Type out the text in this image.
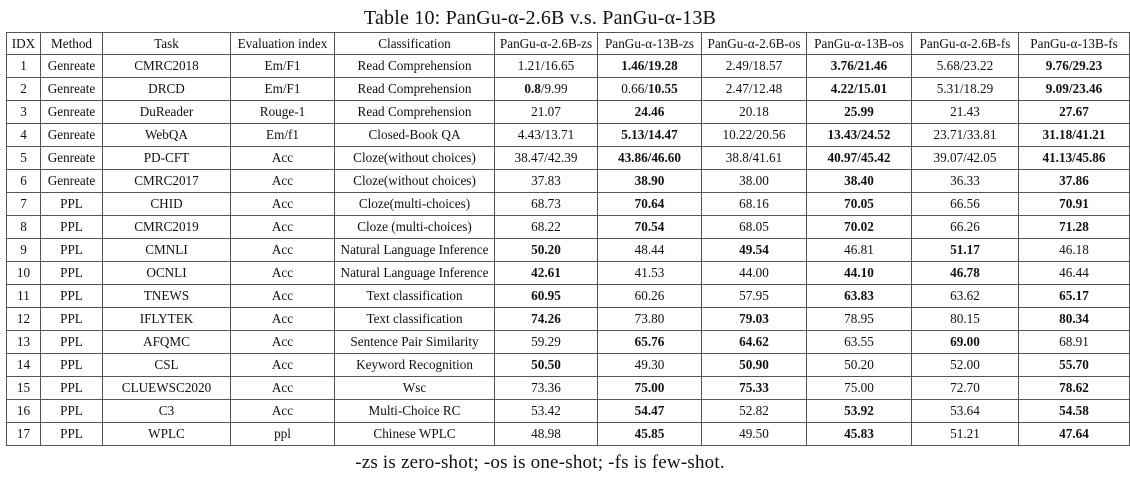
Table 10: PanGu-α-2.6B v.s. PanGu-α-13B
IDX	Method	Task	Evaluation index	Classification	PanGu-α-2.6B-zs	PanGu-α-13B-zs	PanGu-α-2.6B-os	PanGu-α-13B-os	PanGu-α-2.6B-fs	PanGu-α-13B-fs
1	Genreate	CMRC2018	Em/F1	Read Comprehension	1.21/16.65	1.46/19.28	2.49/18.57	3.76/21.46	5.68/23.22	9.76/29.23
2	Genreate	DRCD	Em/F1	Read Comprehension	0.8/9.99	0.66/10.55	2.47/12.48	4.22/15.01	5.31/18.29	9.09/23.46
3	Genreate	DuReader	Rouge-1	Read Comprehension	21.07	24.46	20.18	25.99	21.43	27.67
4	Genreate	WebQA	Em/f1	Closed-Book QA	4.43/13.71	5.13/14.47	10.22/20.56	13.43/24.52	23.71/33.81	31.18/41.21
5	Genreate	PD-CFT	Acc	Cloze(without choices)	38.47/42.39	43.86/46.60	38.8/41.61	40.97/45.42	39.07/42.05	41.13/45.86
6	Genreate	CMRC2017	Acc	Cloze(without choices)	37.83	38.90	38.00	38.40	36.33	37.86
7	PPL	CHID	Acc	Cloze(multi-choices)	68.73	70.64	68.16	70.05	66.56	70.91
8	PPL	CMRC2019	Acc	Cloze (multi-choices)	68.22	70.54	68.05	70.02	66.26	71.28
9	PPL	CMNLI	Acc	Natural Language Inference	50.20	48.44	49.54	46.81	51.17	46.18
10	PPL	OCNLI	Acc	Natural Language Inference	42.61	41.53	44.00	44.10	46.78	46.44
11	PPL	TNEWS	Acc	Text classification	60.95	60.26	57.95	63.83	63.62	65.17
12	PPL	IFLYTEK	Acc	Text classification	74.26	73.80	79.03	78.95	80.15	80.34
13	PPL	AFQMC	Acc	Sentence Pair Similarity	59.29	65.76	64.62	63.55	69.00	68.91
14	PPL	CSL	Acc	Keyword Recognition	50.50	49.30	50.90	50.20	52.00	55.70
15	PPL	CLUEWSC2020	Acc	Wsc	73.36	75.00	75.33	75.00	72.70	78.62
16	PPL	C3	Acc	Multi-Choice RC	53.42	54.47	52.82	53.92	53.64	54.58
17	PPL	WPLC	ppl	Chinese WPLC	48.98	45.85	49.50	45.83	51.21	47.64
-zs is zero-shot; -os is one-shot; -fs is few-shot.
